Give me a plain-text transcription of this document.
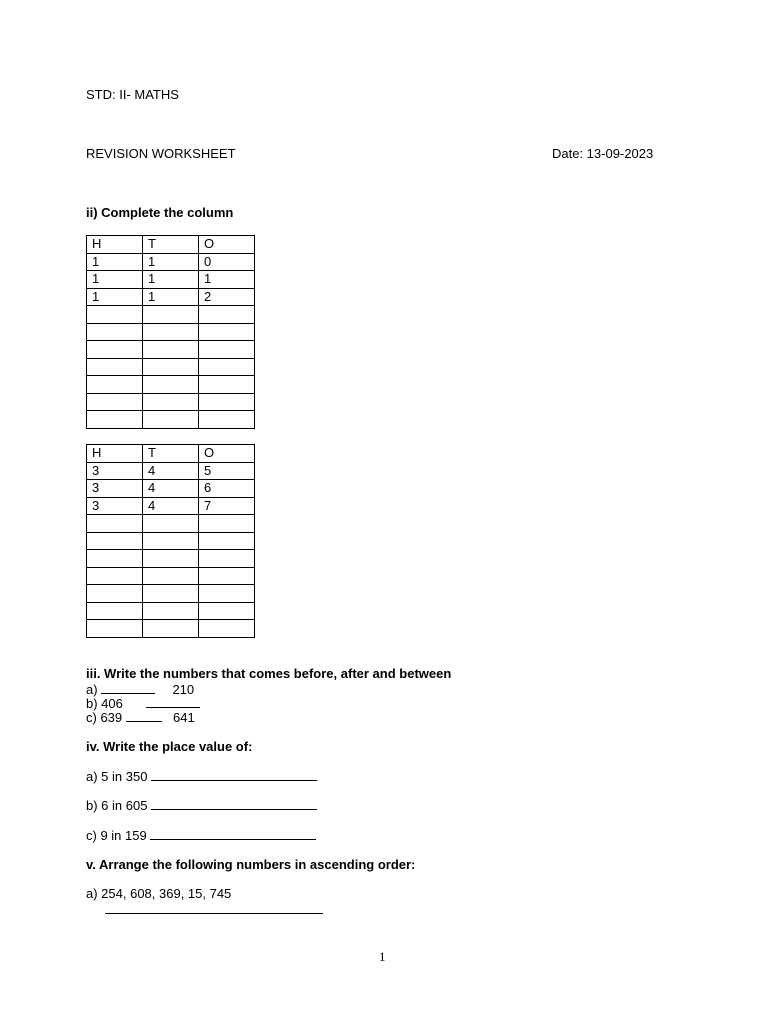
STD: II- MATHS
REVISION WORKSHEET	Date: 13-09-2023
ii) Complete the column
H	T	O
1	1	0
1	1	1
1	1	2

H	T	O
3	4	5
3	4	6
3	4	7

iii. Write the numbers that comes before, after and between
a)	210
b) 406
c) 639	641
iv. Write the place value of:
a) 5 in 350
b) 6 in 605
c) 9 in 159
v. Arrange the following numbers in ascending order:
a) 254, 608, 369, 15, 745
1
